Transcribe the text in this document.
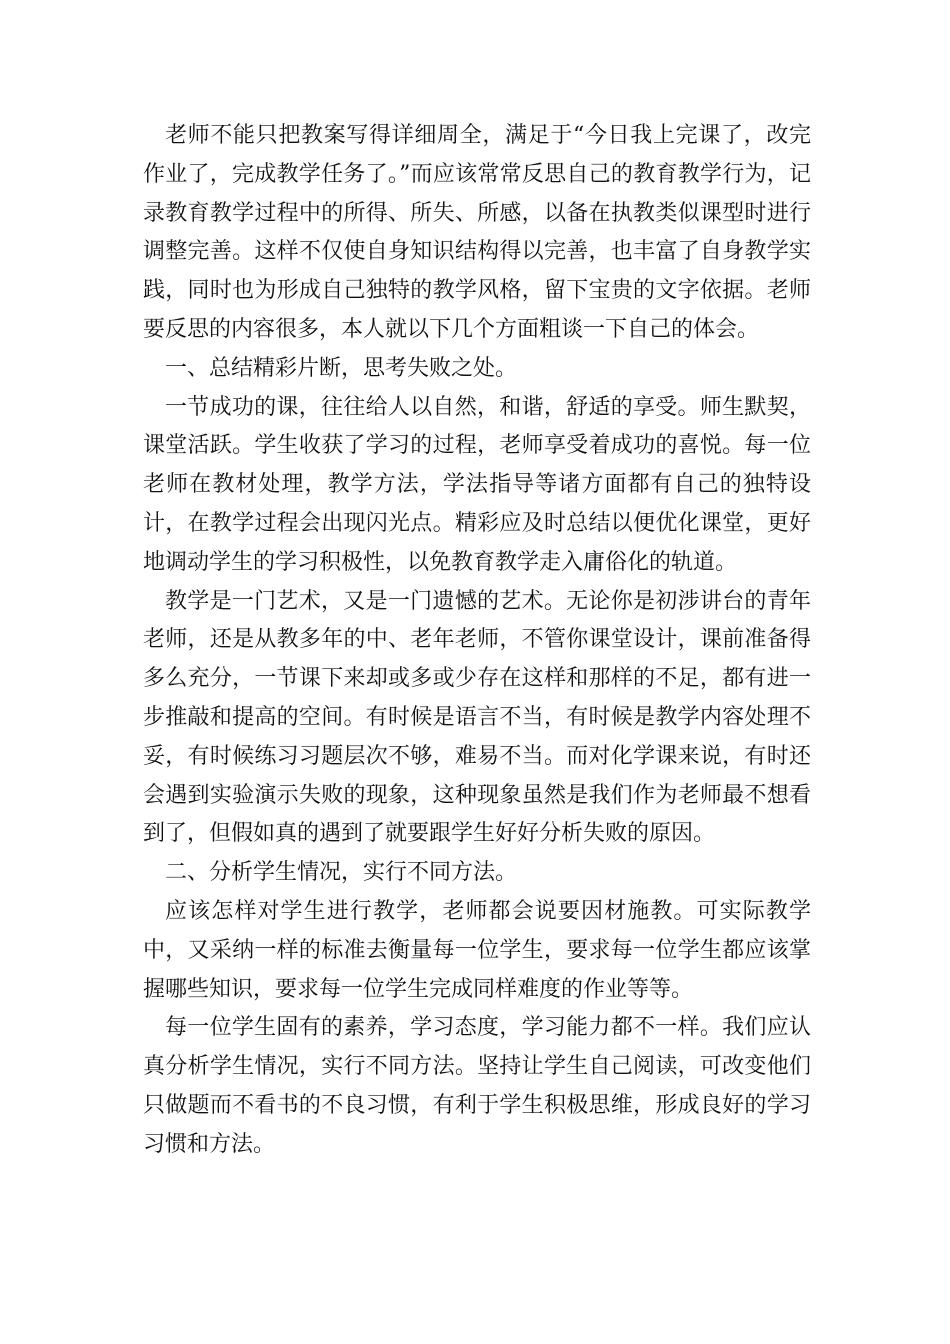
老师不能只把教案写得详细周全，满足于“今日我上完课了，改完作业了，完成教学任务了。”而应该常常反思自己的教育教学行为，记录教育教学过程中的所得、所失、所感，以备在执教类似课型时进行调整完善。这样不仅使自身知识结构得以完善，也丰富了自身教学实践，同时也为形成自己独特的教学风格，留下宝贵的文字依据。老师要反思的内容很多，本人就以下几个方面粗谈一下自己的体会。

一、总结精彩片断，思考失败之处。

一节成功的课，往往给人以自然，和谐，舒适的享受。师生默契，课堂活跃。学生收获了学习的过程，老师享受着成功的喜悦。每一位老师在教材处理，教学方法，学法指导等诸方面都有自己的独特设计，在教学过程会出现闪光点。精彩应及时总结以便优化课堂，更好地调动学生的学习积极性，以免教育教学走入庸俗化的轨道。

教学是一门艺术，又是一门遗憾的艺术。无论你是初涉讲台的青年老师，还是从教多年的中、老年老师，不管你课堂设计，课前准备得多么充分，一节课下来却或多或少存在这样和那样的不足，都有进一步推敲和提高的空间。有时候是语言不当，有时候是教学内容处理不妥，有时候练习习题层次不够，难易不当。而对化学课来说，有时还会遇到实验演示失败的现象，这种现象虽然是我们作为老师最不想看到了，但假如真的遇到了就要跟学生好好分析失败的原因。

二、分析学生情况，实行不同方法。

应该怎样对学生进行教学，老师都会说要因材施教。可实际教学中，又采纳一样的标准去衡量每一位学生，要求每一位学生都应该掌握哪些知识，要求每一位学生完成同样难度的作业等等。

每一位学生固有的素养，学习态度，学习能力都不一样。我们应认真分析学生情况，实行不同方法。坚持让学生自己阅读，可改变他们只做题而不看书的不良习惯，有利于学生积极思维，形成良好的学习习惯和方法。
